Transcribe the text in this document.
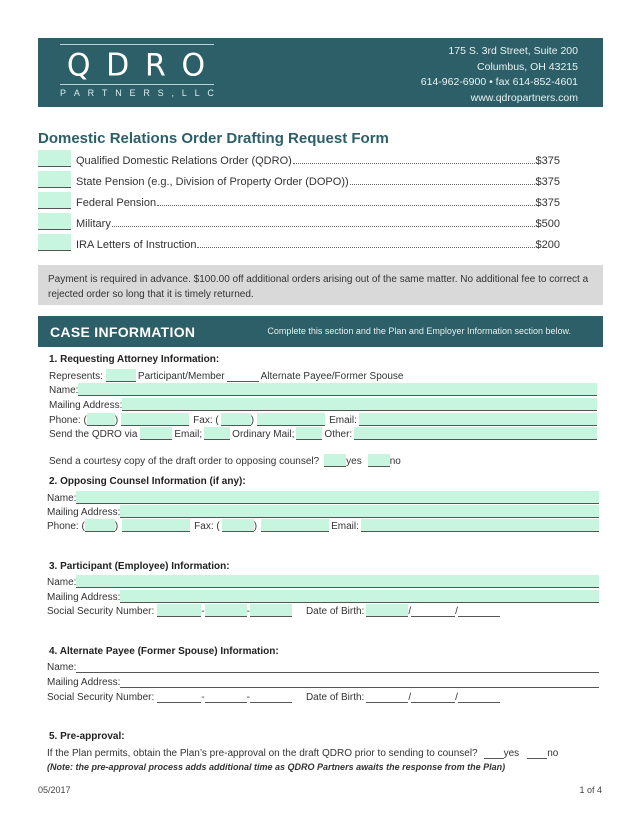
Q D R O
P A R T N E R S , L L C
175 S. 3rd Street, Suite 200
Columbus, OH 43215
614-962-6900 • fax 614-852-4601
www.qdropartners.com
Domestic Relations Order Drafting Request Form
Qualified Domestic Relations Order (QDRO)	$375
State Pension (e.g., Division of Property Order (DOPO))	$375
Federal Pension	$375
Military	$500
IRA Letters of Instruction	$200
Payment is required in advance. $100.00 off additional orders arising out of the same matter. No additional fee to correct a rejected order so long that it is timely returned.
CASE INFORMATION	Complete this section and the Plan and Employer Information section below.
1. Requesting Attorney Information:
Represents:	Participant/Member	Alternate Payee/Former Spouse
Name:
Mailing Address:
Phone: (	)	Fax: (	)	Email:
Send the QDRO via	Email;	Ordinary Mail;	Other:
Send a courtesy copy of the draft order to opposing counsel?	yes	no
2. Opposing Counsel Information (if any):
Name:
Mailing Address:
Phone: (	)	Fax: (	)	Email:
3. Participant (Employee) Information:
Name:
Mailing Address:
Social Security Number:	-	-	Date of Birth:	/	/
4. Alternate Payee (Former Spouse) Information:
Name:
Mailing Address:
Social Security Number:	-	-	Date of Birth:	/	/
5. Pre-approval:
If the Plan permits, obtain the Plan’s pre-approval on the draft QDRO prior to sending to counsel?	yes	no
(Note: the pre-approval process adds additional time as QDRO Partners awaits the response from the Plan)
05/2017	1 of 4
